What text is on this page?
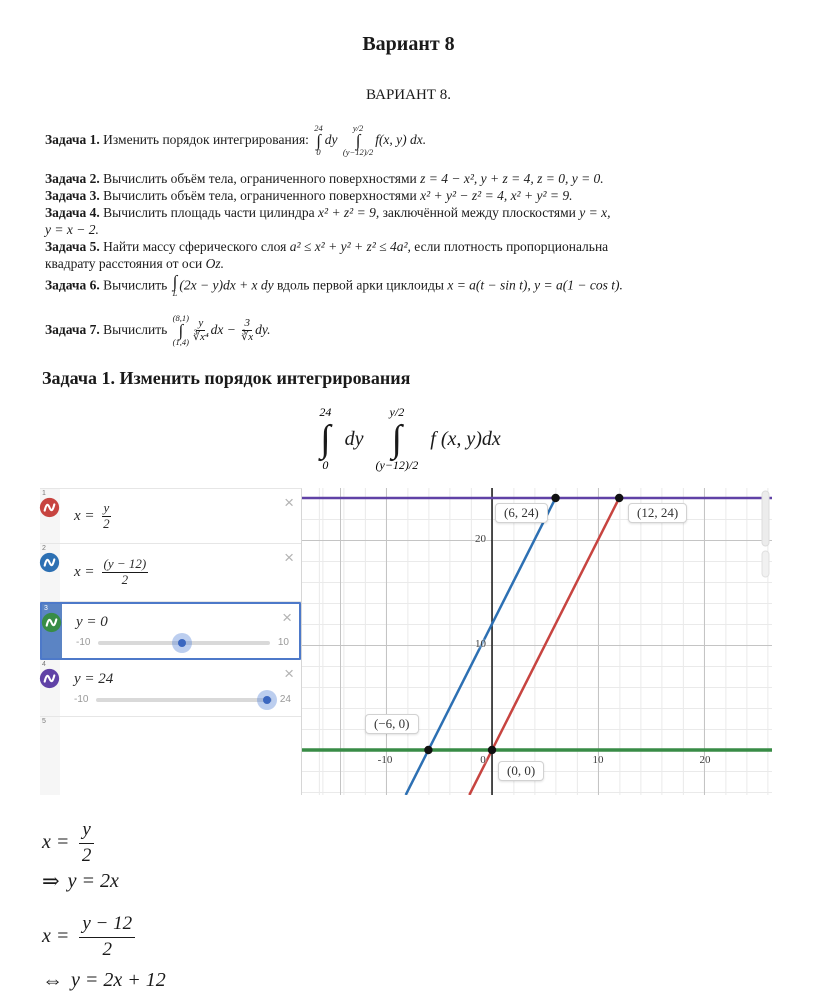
Вариант 8
ВАРИАНТ 8.

Задача 1. Изменить порядок интегрирования:
24
∫
0
dy
y/2
∫
(y−12)/2
f(x, y) dx.

Задача 2. Вычислить объём тела, ограниченного поверхностями z = 4 − x², y + z = 4, z = 0, y = 0.

Задача 3. Вычислить объём тела, ограниченного поверхностями x² + y² − z² = 4, x² + y² = 9.

Задача 4. Вычислить площадь части цилиндра x² + z² = 9, заключённой между плоскостями y = x,
y = x − 2.

Задача 5. Найти массу сферического слоя a² ≤ x² + y² + z² ≤ 4a², если плотность пропорциональна
квадрату расстояния от оси Oz.

Задача 6. Вычислить ∫
L
(2x − y)dx + x dy вдоль первой арки циклоиды x = a(t − sin t), y = a(1 − cos t).

Задача 7. Вычислить
(8,1)
∫
$(1,4) \frac{y}{\text{∛x⁴}}$ dx − $\frac{3}{∛x}$ dy.

Задача 1. Изменить порядок интегрирования
24
∫
0
dy
y/2
∫
(y−12)/2
f (x, y)dx
1
$x = \frac{y}{2}$	×
2
$x = \frac{(y - 12)}{2}$	×
3
y = 0
-10	10
×
4
y = 24
-10	24
×
5
(6, 24)	(12, 24)
(−6, 0)
(0, 0)
-10	0	10	20
20
10
$x = \frac{y}{2}$
⇒ y = 2x
$x = \frac{y - 12}{2}$
⇔ y = 2x + 12
